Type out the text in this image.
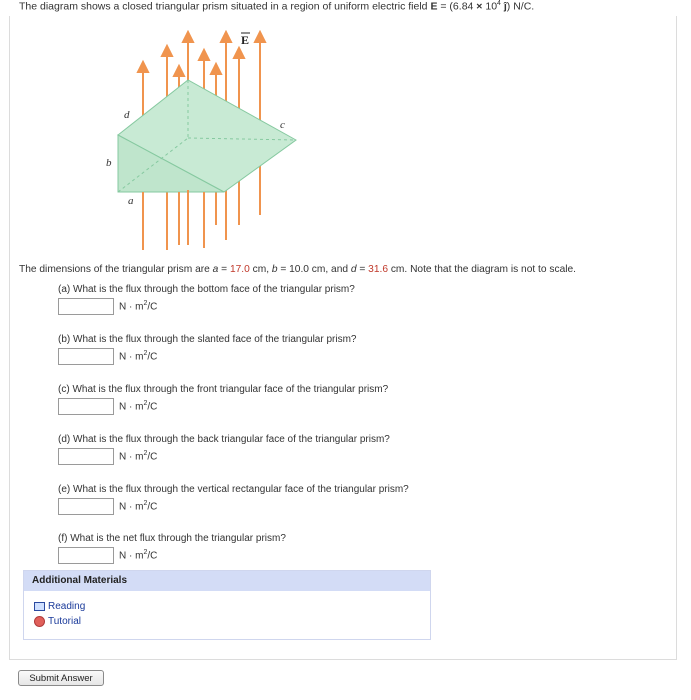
The diagram shows a closed triangular prism situated in a region of uniform electric field $E = (6.84 \times 10^4$ ĵ) N/C.
E
d
c
b
a
The dimensions of the triangular prism are a = 17.0 cm, b = 10.0 cm, and d = 31.6 cm. Note that the diagram is not to scale.
(a) What is the flux through the bottom face of the triangular prism?
$N \cdot m^2/C$
(b) What is the flux through the slanted face of the triangular prism?
$N \cdot m^2/C$
(c) What is the flux through the front triangular face of the triangular prism?
$N \cdot m^2/C$
(d) What is the flux through the back triangular face of the triangular prism?
$N \cdot m^2/C$
(e) What is the flux through the vertical rectangular face of the triangular prism?
$N \cdot m^2/C$
(f) What is the net flux through the triangular prism?
$N \cdot m^2/C$
Additional Materials
Reading
Tutorial
Submit Answer
